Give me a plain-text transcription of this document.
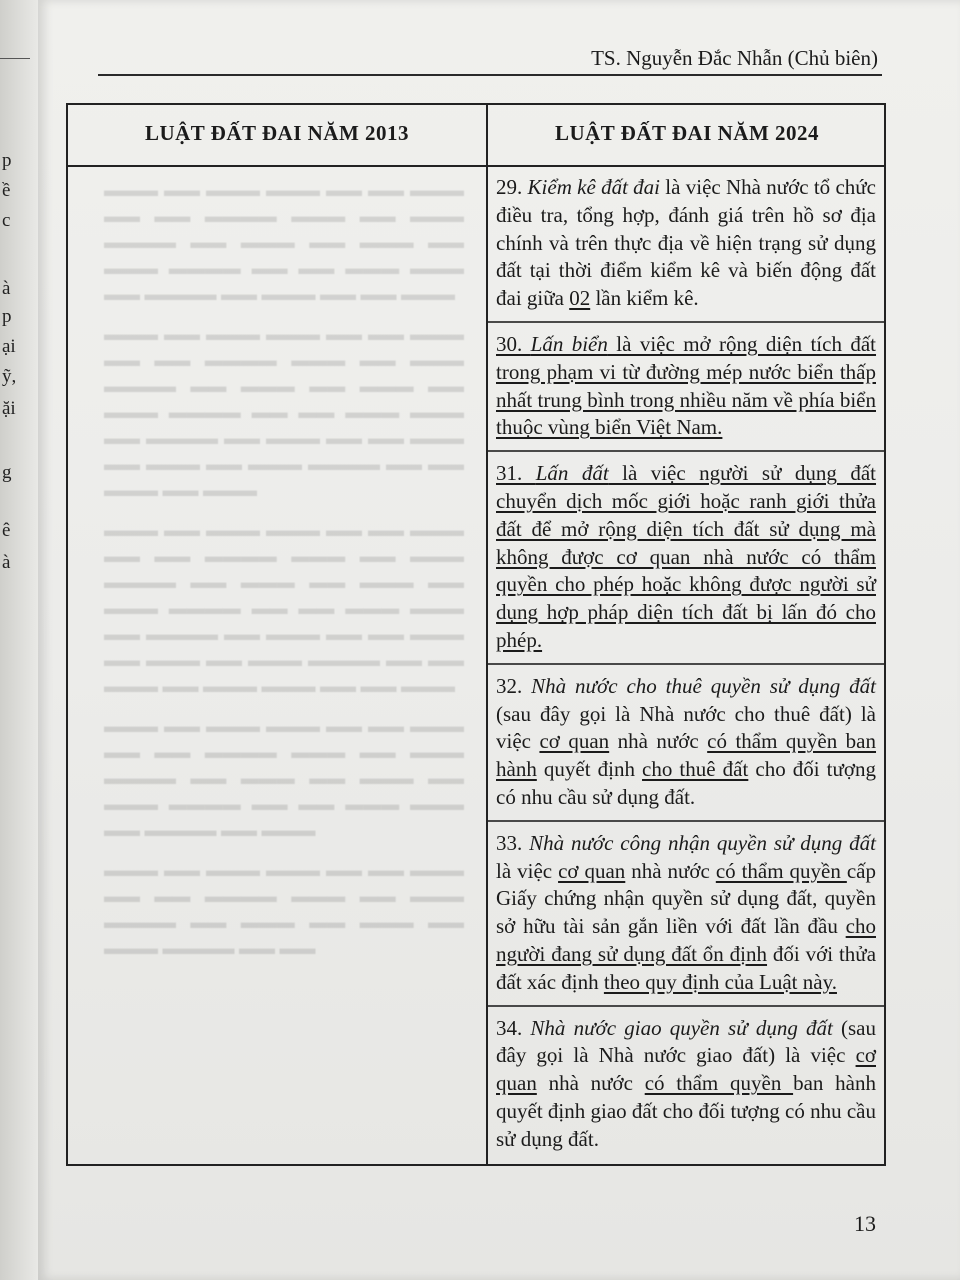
p
ề
c
à
p
ại
ỹ,
ặi
g
ê
à
TS. Nguyễn Đắc Nhẫn (Chủ biên)
LUẬT ĐẤT ĐAI NĂM 2013	LUẬT ĐẤT ĐAI NĂM 2024

▬▬▬ ▬▬ ▬▬▬ ▬▬▬ ▬▬ ▬▬ ▬▬▬ ▬▬ ▬▬ ▬▬▬▬ ▬▬▬ ▬▬ ▬▬▬ ▬▬▬▬ ▬▬ ▬▬▬ ▬▬ ▬▬▬ ▬▬ ▬▬▬ ▬▬▬▬ ▬▬ ▬▬ ▬▬▬ ▬▬▬ ▬▬ ▬▬▬▬ ▬▬ ▬▬▬ ▬▬ ▬▬ ▬▬▬

▬▬▬ ▬▬ ▬▬▬ ▬▬▬ ▬▬ ▬▬ ▬▬▬ ▬▬ ▬▬ ▬▬▬▬ ▬▬▬ ▬▬ ▬▬▬ ▬▬▬▬ ▬▬ ▬▬▬ ▬▬ ▬▬▬ ▬▬ ▬▬▬ ▬▬▬▬ ▬▬ ▬▬ ▬▬▬ ▬▬▬ ▬▬ ▬▬▬▬ ▬▬ ▬▬▬ ▬▬ ▬▬ ▬▬▬ ▬▬ ▬▬▬ ▬▬ ▬▬▬ ▬▬▬▬ ▬▬ ▬▬ ▬▬▬ ▬▬ ▬▬▬

▬▬▬ ▬▬ ▬▬▬ ▬▬▬ ▬▬ ▬▬ ▬▬▬ ▬▬ ▬▬ ▬▬▬▬ ▬▬▬ ▬▬ ▬▬▬ ▬▬▬▬ ▬▬ ▬▬▬ ▬▬ ▬▬▬ ▬▬ ▬▬▬ ▬▬▬▬ ▬▬ ▬▬ ▬▬▬ ▬▬▬ ▬▬ ▬▬▬▬ ▬▬ ▬▬▬ ▬▬ ▬▬ ▬▬▬ ▬▬ ▬▬▬ ▬▬ ▬▬▬ ▬▬▬▬ ▬▬ ▬▬ ▬▬▬ ▬▬ ▬▬▬ ▬▬▬ ▬▬ ▬▬ ▬▬▬

▬▬▬ ▬▬ ▬▬▬ ▬▬▬ ▬▬ ▬▬ ▬▬▬ ▬▬ ▬▬ ▬▬▬▬ ▬▬▬ ▬▬ ▬▬▬ ▬▬▬▬ ▬▬ ▬▬▬ ▬▬ ▬▬▬ ▬▬ ▬▬▬ ▬▬▬▬ ▬▬ ▬▬ ▬▬▬ ▬▬▬ ▬▬ ▬▬▬▬ ▬▬ ▬▬▬

▬▬▬ ▬▬ ▬▬▬ ▬▬▬ ▬▬ ▬▬ ▬▬▬ ▬▬ ▬▬ ▬▬▬▬ ▬▬▬ ▬▬ ▬▬▬ ▬▬▬▬ ▬▬ ▬▬▬ ▬▬ ▬▬▬ ▬▬ ▬▬▬ ▬▬▬▬ ▬▬ ▬▬

29. Kiểm kê đất đai là việc Nhà nước tổ chức điều tra, tổng hợp, đánh giá trên hồ sơ địa chính và trên thực địa về hiện trạng sử dụng đất tại thời điểm kiểm kê và biến động đất đai giữa 02 lần kiểm kê.

30. Lấn biển là việc mở rộng diện tích đất trong phạm vi từ đường mép nước biển thấp nhất trung bình trong nhiều năm về phía biển thuộc vùng biển Việt Nam.

31. Lấn đất là việc người sử dụng đất chuyển dịch mốc giới hoặc ranh giới thửa đất để mở rộng diện tích đất sử dụng mà không được cơ quan nhà nước có thẩm quyền cho phép hoặc không được người sử dụng hợp pháp diện tích đất bị lấn đó cho phép.

32. Nhà nước cho thuê quyền sử dụng đất (sau đây gọi là Nhà nước cho thuê đất) là việc cơ quan nhà nước có thẩm quyền ban hành quyết định cho thuê đất cho đối tượng có nhu cầu sử dụng đất.

33. Nhà nước công nhận quyền sử dụng đất là việc cơ quan nhà nước có thẩm quyền cấp Giấy chứng nhận quyền sử dụng đất, quyền sở hữu tài sản gắn liền với đất lần đầu cho người đang sử dụng đất ổn định đối với thửa đất xác định theo quy định của Luật này.

34. Nhà nước giao quyền sử dụng đất (sau đây gọi là Nhà nước giao đất) là việc cơ quan nhà nước có thẩm quyền ban hành quyết định giao đất cho đối tượng có nhu cầu sử dụng đất.

13
